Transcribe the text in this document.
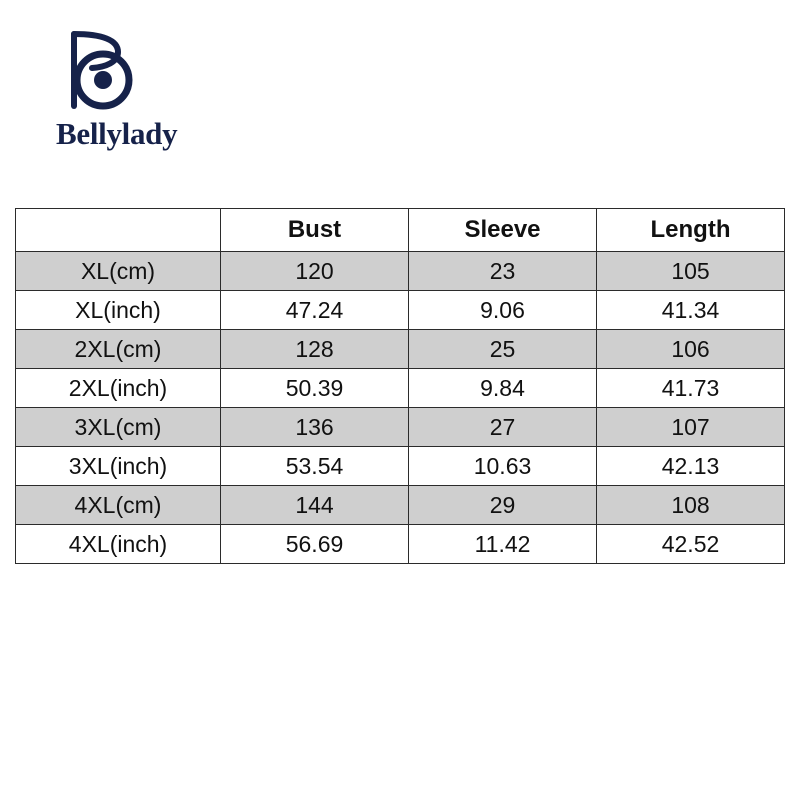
Bellylady
	Bust	Sleeve	Length
XL(cm)	120	23	105
XL(inch)	47.24	9.06	41.34
2XL(cm)	128	25	106
2XL(inch)	50.39	9.84	41.73
3XL(cm)	136	27	107
3XL(inch)	53.54	10.63	42.13
4XL(cm)	144	29	108
4XL(inch)	56.69	11.42	42.52
